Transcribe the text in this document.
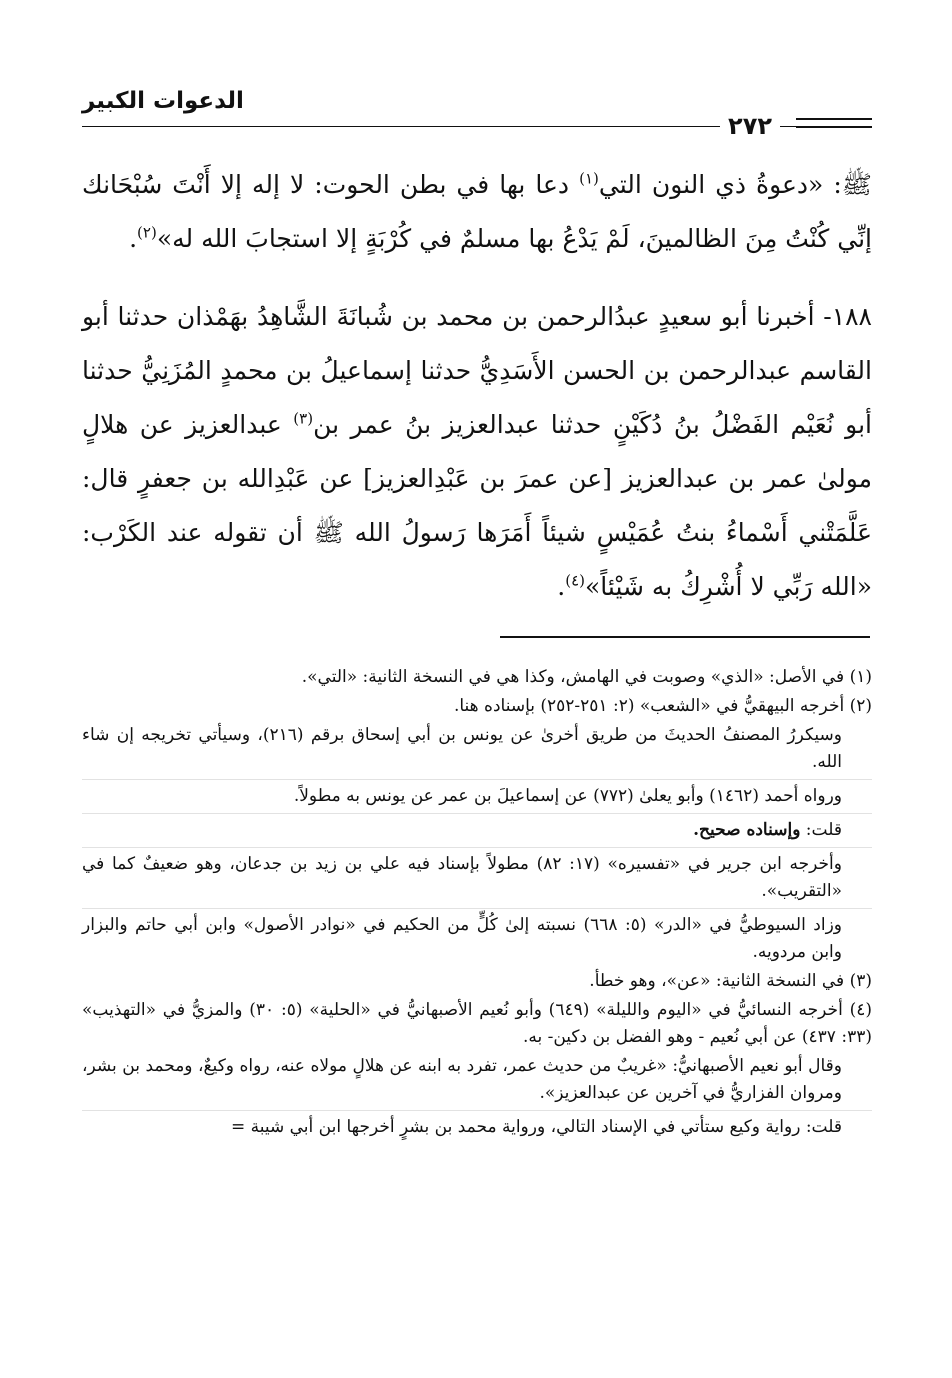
٢٧٢
الدعوات الكبير

ﷺ: «دعوةُ ذي النون التي$^{(١)}$ دعا بها في بطن الحوت: لا إله إلا أَنْتَ سُبْحَانك إنِّي كُنْتُ مِنَ الظالمينَ، لَمْ يَدْعُ بها مسلمٌ في كُرْبَةٍ إلا استجابَ الله له»$^{(٢)}$.

١٨٨- أخبرنا أبو سعيدٍ عبدُالرحمن بن محمد بن شُبانَةَ الشَّاهِدُ بهَمْذان حدثنا أبو القاسم عبدالرحمن بن الحسن الأَسَدِيُّ حدثنا إسماعيلُ بن محمدٍ المُزَنِيُّ حدثنا أبو نُعَيْم الفَضْلُ بنُ دُكَيْنٍ حدثنا عبدالعزيز بنُ عمر بن$^{(٣)}$ عبدالعزيز عن هلالٍ مولىٰ عمر بن عبدالعزيز [عن عمرَ بن عَبْدِالعزيز] عن عَبْدِالله بن جعفرٍ قال: عَلَّمَتْني أَسْماءُ بنتُ عُمَيْسٍ شيئاً أَمَرَها رَسولُ الله ﷺ أن تقوله عند الكَرْب: «الله رَبِّي لا أُشْرِكُ به شَيْئاً»$^{(٤)}$.

(١) في الأصل: «الذي» وصوبت في الهامش، وكذا هي في النسخة الثانية: «التي».
(٢) أخرجه البيهقيُّ في «الشعب» (٢: ٢٥١-٢٥٢) بإسناده هنا.
وسيكررُ المصنفُ الحديثَ من طريق أخرىٰ عن يونس بن أبي إسحاق برقم (٢١٦)، وسيأتي تخريجه إن شاء الله.
ورواه أحمد (١٤٦٢) وأبو يعلىٰ (٧٧٢) عن إسماعيلَ بن عمر عن يونس به مطولاً.
قلت: وإسناده صحيح.
وأخرجه ابن جرير في «تفسيره» (١٧: ٨٢) مطولاً بإسناد فيه علي بن زيد بن جدعان، وهو ضعيفٌ كما في «التقريب».
وزاد السيوطيُّ في «الدر» (٥: ٦٦٨) نسبته إلىٰ كُلٍّ من الحكيم في «نوادر الأصول» وابن أبي حاتم والبزار وابن مردويه.
(٣) في النسخة الثانية: «عن»، وهو خطأ.
(٤) أخرجه النسائيُّ في «اليوم والليلة» (٦٤٩) وأبو نُعيم الأصبهانيُّ في «الحلية» (٥: ٣٠) والمزيُّ في «التهذيب» (٣٣: ٤٣٧) عن أبي نُعيم - وهو الفضل بن دكين- به.
وقال أبو نعيم الأصبهانيُّ: «غريبٌ من حديث عمر، تفرد به ابنه عن هلالٍ مولاه عنه، رواه وكيعٌ، ومحمد بن بشر، ومروان الفزاريُّ في آخرين عن عبدالعزيز».
قلت: رواية وكيع ستأتي في الإسناد التالي، ورواية محمد بن بشرٍ أخرجها ابن أبي شيبة =
